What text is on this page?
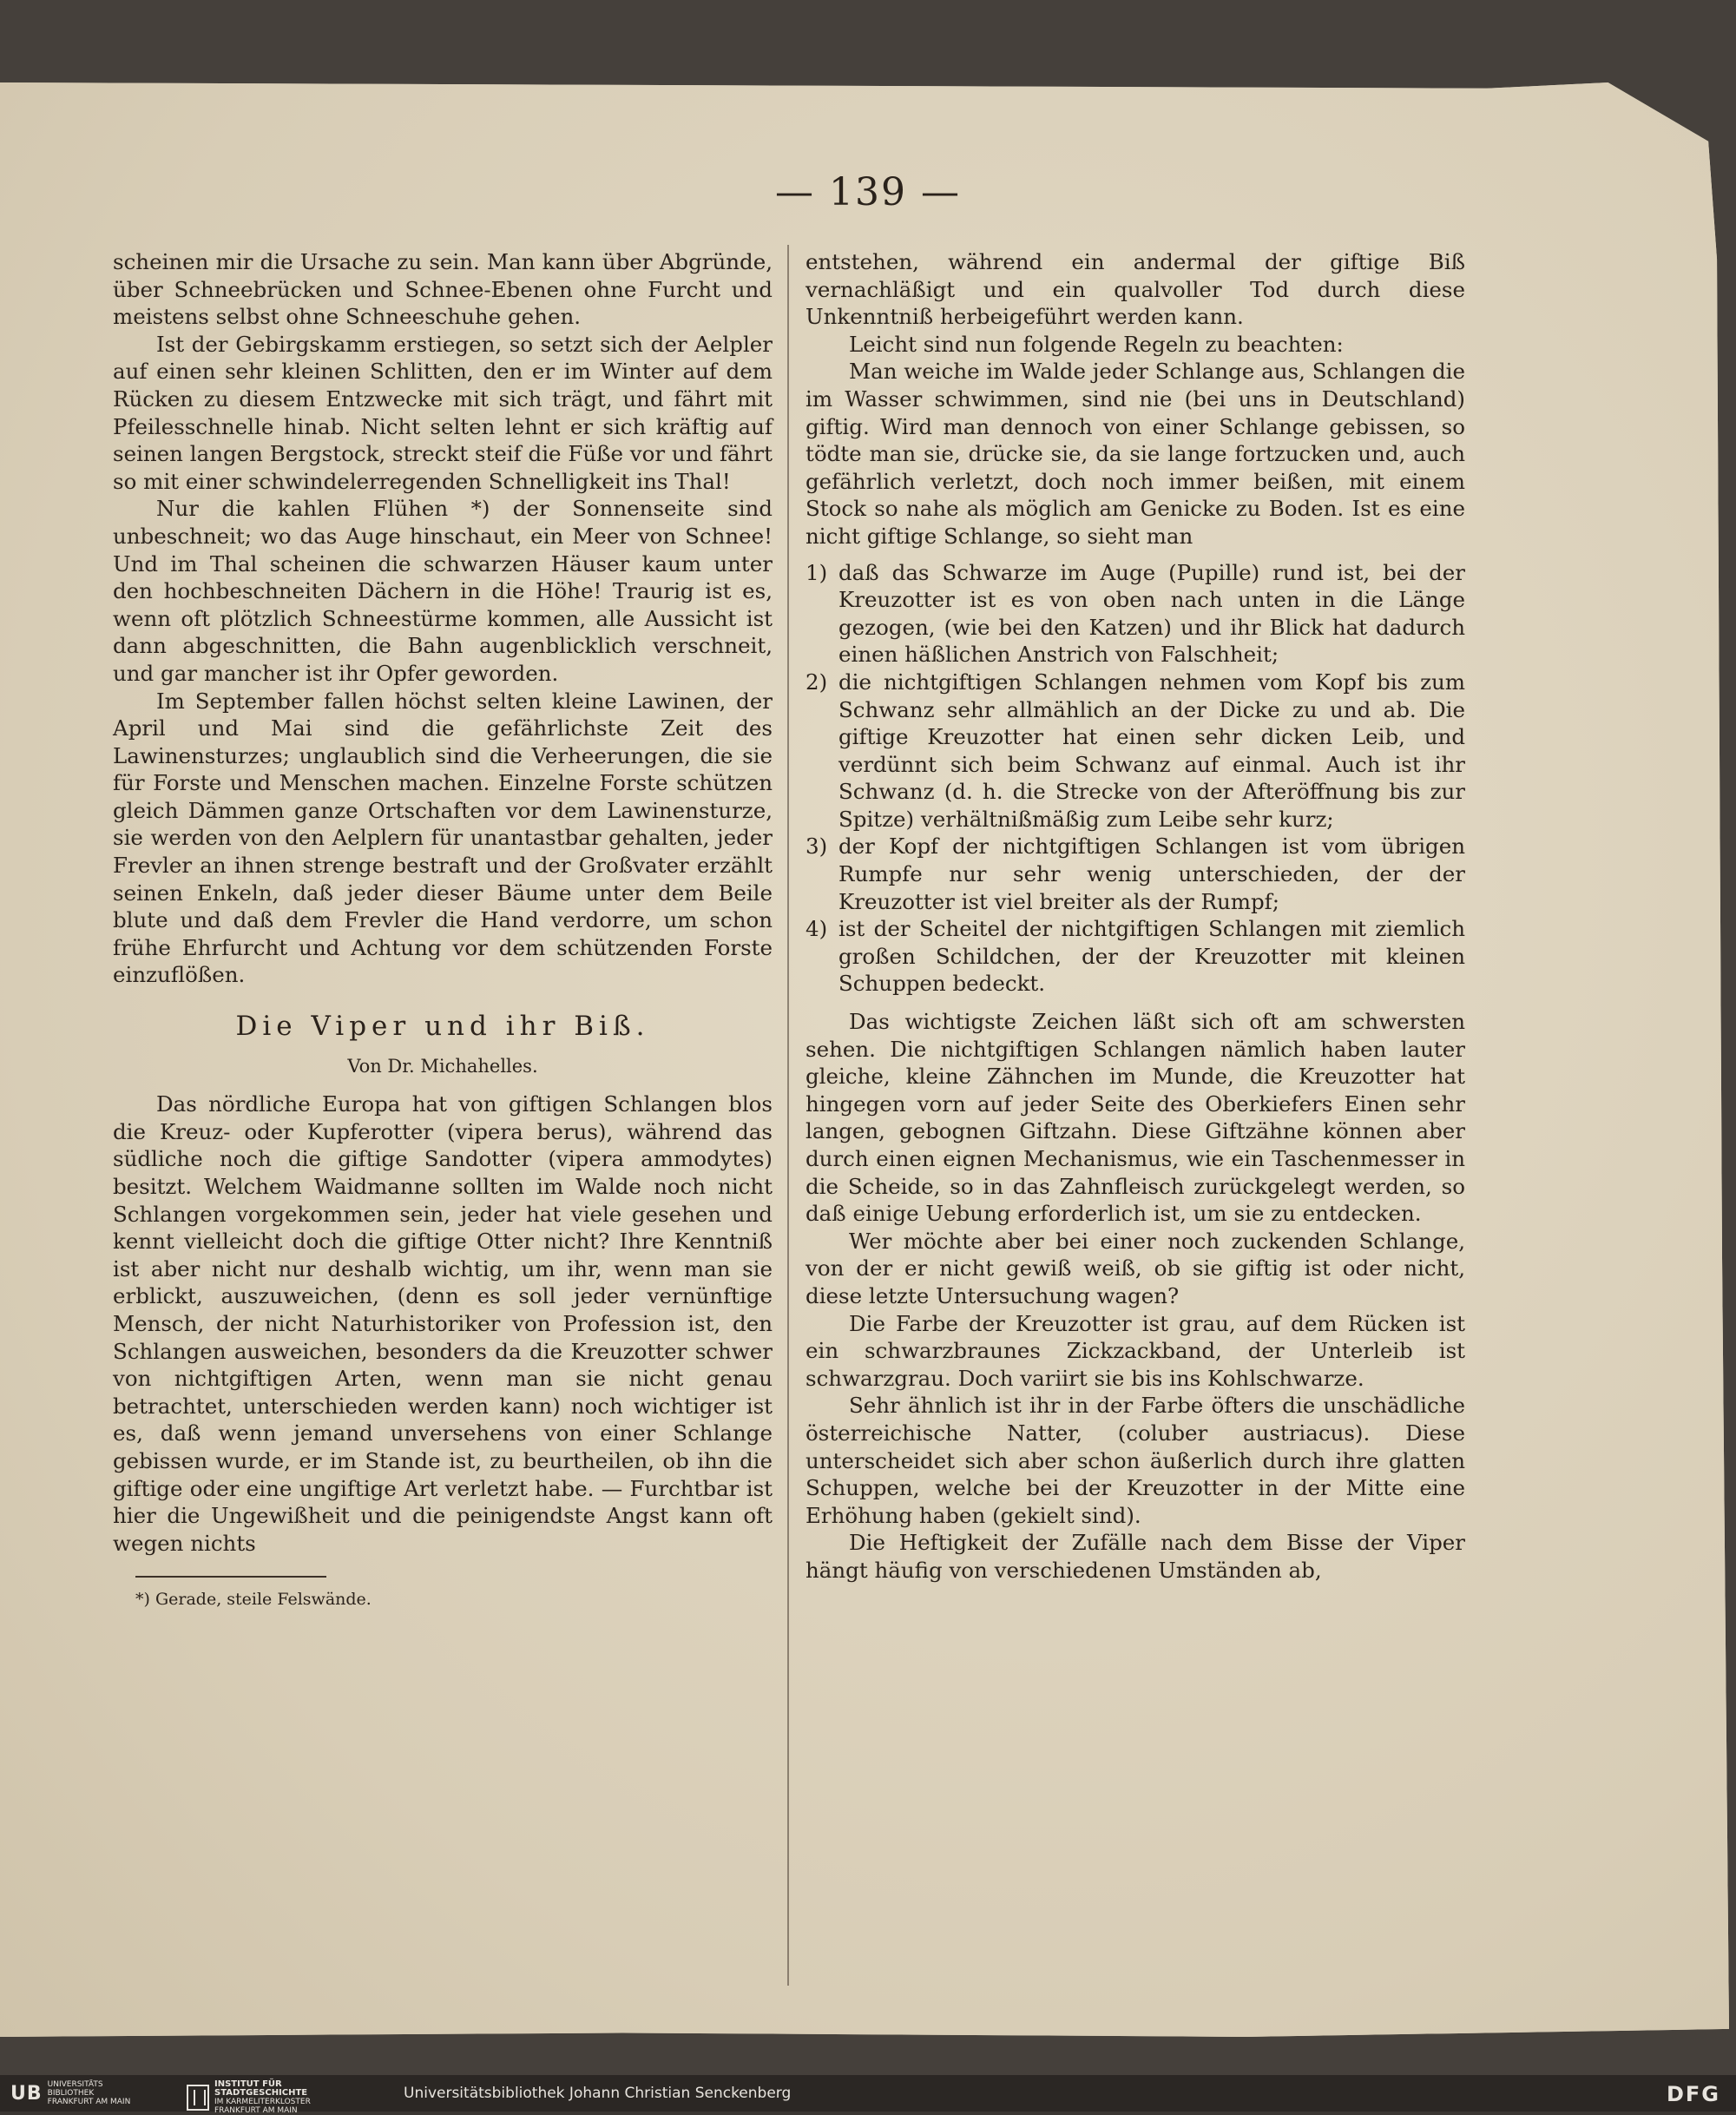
— 139 —

scheinen mir die Ursache zu sein. Man kann über Abgründe, über Schneebrücken und Schnee-Ebenen ohne Furcht und meistens selbst ohne Schneeschuhe gehen.

Ist der Gebirgskamm erstiegen, so setzt sich der Aelpler auf einen sehr kleinen Schlitten, den er im Winter auf dem Rücken zu diesem Entzwecke mit sich trägt, und fährt mit Pfeilesschnelle hinab. Nicht selten lehnt er sich kräftig auf seinen langen Bergstock, streckt steif die Füße vor und fährt so mit einer schwindelerregenden Schnelligkeit ins Thal!

Nur die kahlen Flühen *) der Sonnenseite sind unbeschneit; wo das Auge hinschaut, ein Meer von Schnee! Und im Thal scheinen die schwarzen Häuser kaum unter den hochbeschneiten Dächern in die Höhe! Traurig ist es, wenn oft plötzlich Schneestürme kommen, alle Aussicht ist dann abgeschnitten, die Bahn augenblicklich verschneit, und gar mancher ist ihr Opfer geworden.

Im September fallen höchst selten kleine Lawinen, der April und Mai sind die gefährlichste Zeit des Lawinensturzes; unglaublich sind die Verheerungen, die sie für Forste und Menschen machen. Einzelne Forste schützen gleich Dämmen ganze Ortschaften vor dem Lawinensturze, sie werden von den Aelplern für unantastbar gehalten, jeder Frevler an ihnen strenge bestraft und der Großvater erzählt seinen Enkeln, daß jeder dieser Bäume unter dem Beile blute und daß dem Frevler die Hand verdorre, um schon frühe Ehrfurcht und Achtung vor dem schützenden Forste einzuflößen.

Die Viper und ihr Biß.
Von Dr. Michahelles.

Das nördliche Europa hat von giftigen Schlangen blos die Kreuz- oder Kupferotter (vipera berus), während das südliche noch die giftige Sandotter (vipera ammodytes) besitzt. Welchem Waidmanne sollten im Walde noch nicht Schlangen vorgekommen sein, jeder hat viele gesehen und kennt vielleicht doch die giftige Otter nicht? Ihre Kenntniß ist aber nicht nur deshalb wichtig, um ihr, wenn man sie erblickt, auszuweichen, (denn es soll jeder vernünftige Mensch, der nicht Naturhistoriker von Profession ist, den Schlangen ausweichen, besonders da die Kreuzotter schwer von nichtgiftigen Arten, wenn man sie nicht genau betrachtet, unterschieden werden kann) noch wichtiger ist es, daß wenn jemand unversehens von einer Schlange gebissen wurde, er im Stande ist, zu beurtheilen, ob ihn die giftige oder eine ungiftige Art verletzt habe. — Furchtbar ist hier die Ungewißheit und die peinigendste Angst kann oft wegen nichts

*) Gerade, steile Felswände.

entstehen, während ein andermal der giftige Biß vernachläßigt und ein qualvoller Tod durch diese Unkenntniß herbeigeführt werden kann.

Leicht sind nun folgende Regeln zu beachten:

Man weiche im Walde jeder Schlange aus, Schlangen die im Wasser schwimmen, sind nie (bei uns in Deutschland) giftig. Wird man dennoch von einer Schlange gebissen, so tödte man sie, drücke sie, da sie lange fortzucken und, auch gefährlich verletzt, doch noch immer beißen, mit einem Stock so nahe als möglich am Genicke zu Boden. Ist es eine nicht giftige Schlange, so sieht man

1) daß das Schwarze im Auge (Pupille) rund ist, bei der Kreuzotter ist es von oben nach unten in die Länge gezogen, (wie bei den Katzen) und ihr Blick hat dadurch einen häßlichen Anstrich von Falschheit;
2) die nichtgiftigen Schlangen nehmen vom Kopf bis zum Schwanz sehr allmählich an der Dicke zu und ab. Die giftige Kreuzotter hat einen sehr dicken Leib, und verdünnt sich beim Schwanz auf einmal. Auch ist ihr Schwanz (d. h. die Strecke von der Afteröffnung bis zur Spitze) verhältnißmäßig zum Leibe sehr kurz;
3) der Kopf der nichtgiftigen Schlangen ist vom übrigen Rumpfe nur sehr wenig unterschieden, der der Kreuzotter ist viel breiter als der Rumpf;
4) ist der Scheitel der nichtgiftigen Schlangen mit ziemlich großen Schildchen, der der Kreuzotter mit kleinen Schuppen bedeckt.

Das wichtigste Zeichen läßt sich oft am schwersten sehen. Die nichtgiftigen Schlangen nämlich haben lauter gleiche, kleine Zähnchen im Munde, die Kreuzotter hat hingegen vorn auf jeder Seite des Oberkiefers Einen sehr langen, gebognen Giftzahn. Diese Giftzähne können aber durch einen eignen Mechanismus, wie ein Taschenmesser in die Scheide, so in das Zahnfleisch zurückgelegt werden, so daß einige Uebung erforderlich ist, um sie zu entdecken.

Wer möchte aber bei einer noch zuckenden Schlange, von der er nicht gewiß weiß, ob sie giftig ist oder nicht, diese letzte Untersuchung wagen?

Die Farbe der Kreuzotter ist grau, auf dem Rücken ist ein schwarzbraunes Zickzackband, der Unterleib ist schwarzgrau. Doch variirt sie bis ins Kohlschwarze.

Sehr ähnlich ist ihr in der Farbe öfters die unschädliche österreichische Natter, (coluber austriacus). Diese unterscheidet sich aber schon äußerlich durch ihre glatten Schuppen, welche bei der Kreuzotter in der Mitte eine Erhöhung haben (gekielt sind).

Die Heftigkeit der Zufälle nach dem Bisse der Viper hängt häufig von verschiedenen Umständen ab,

UB UNIVERSITÄTS
BIBLIOTHEK
FRANKFURT AM MAIN
INSTITUT FÜR
STADTGESCHICHTE
IM KARMELITERKLOSTER
FRANKFURT AM MAIN
Universitätsbibliothek Johann Christian Senckenberg	DFG
